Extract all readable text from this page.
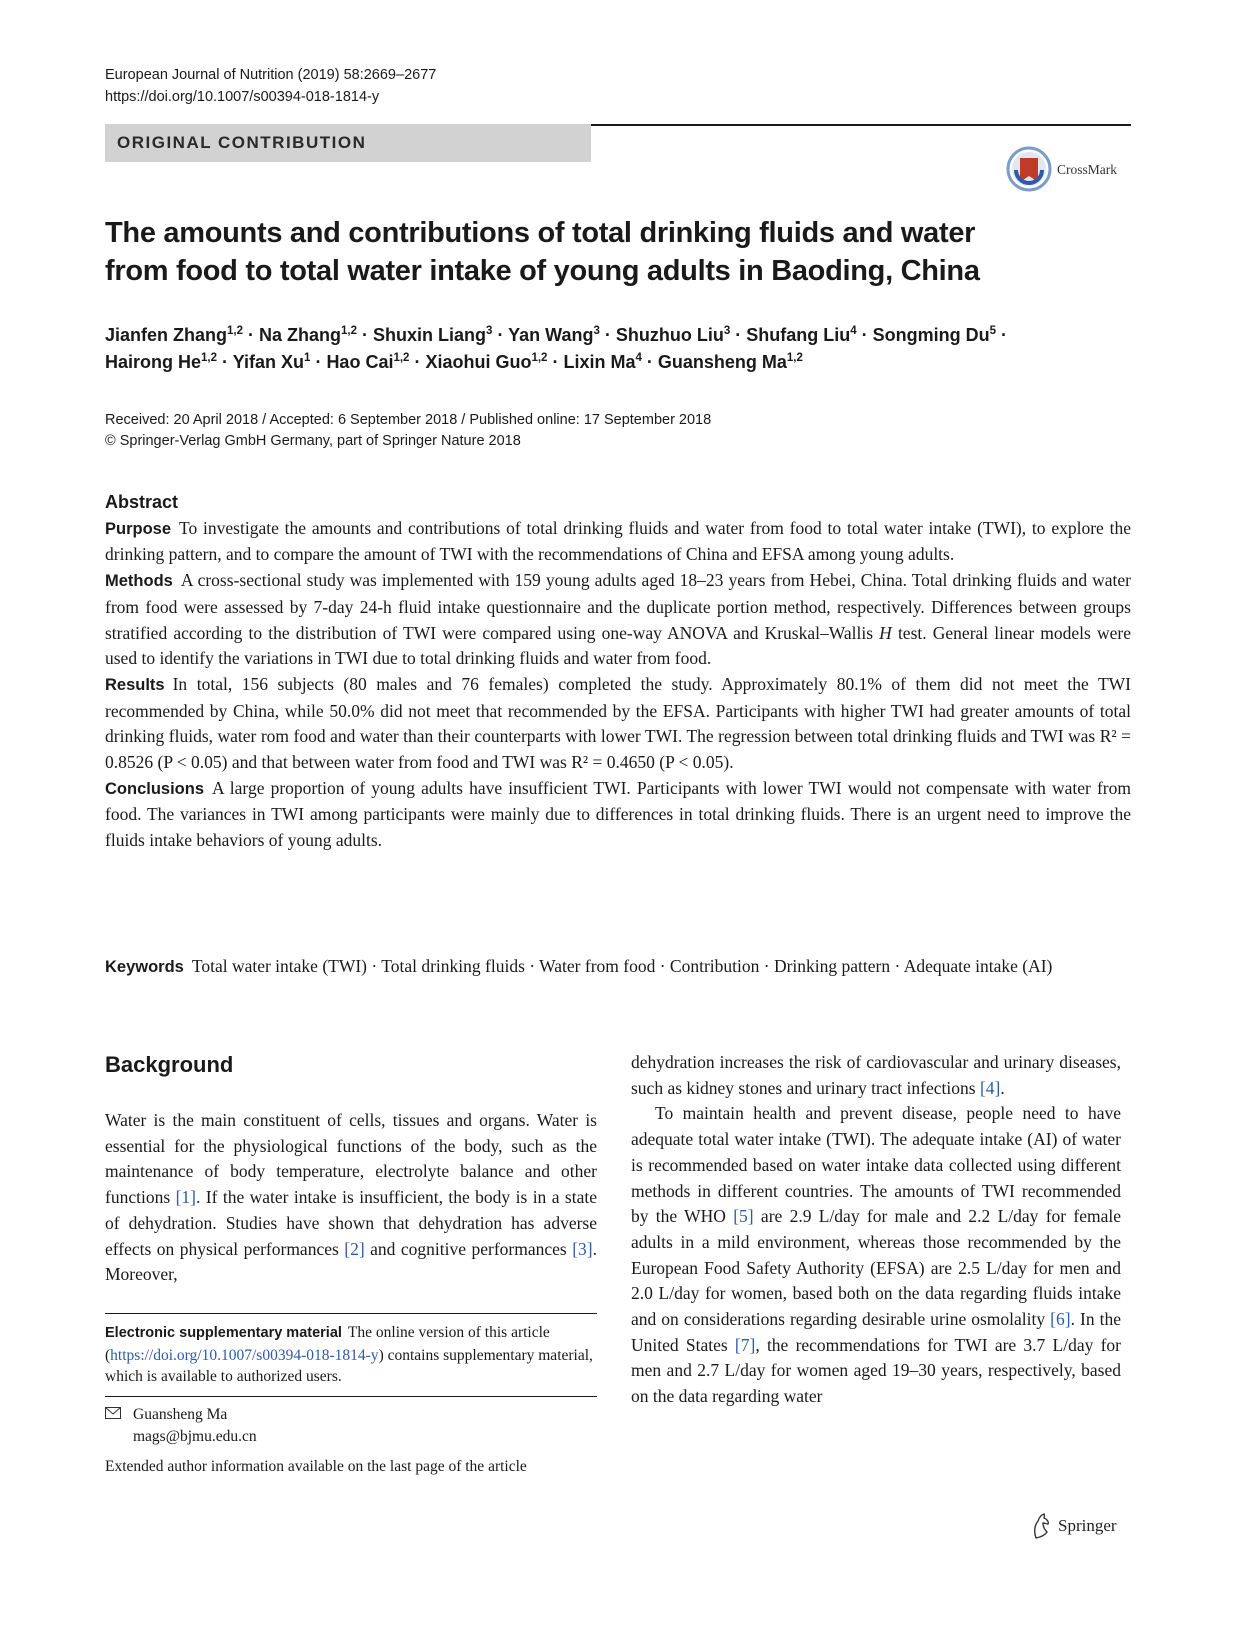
European Journal of Nutrition (2019) 58:2669–2677
https://doi.org/10.1007/s00394-018-1814-y
ORIGINAL CONTRIBUTION
CrossMark
The amounts and contributions of total drinking fluids and water
from food to total water intake of young adults in Baoding, China
Jianfen Zhang$^{1,2}$ · Na Zhang$^{1,2}$ · Shuxin Liang$^3$ · Yan Wang$^3$ · Shuzhuo Liu$^3$ · Shufang Liu$^4$ · Songming $Du^5$ ·
Hairong He$^{1,2}$ · Yifan $Xu^1$ · Hao Cai$^{1,2}$ · Xiaohui Guo$^{1,2}$ · Lixin $Ma^4$ · Guansheng Ma$^{1,2}$
Received: 20 April 2018 / Accepted: 6 September 2018 / Published online: 17 September 2018
© Springer-Verlag GmbH Germany, part of Springer Nature 2018
Abstract

Purpose To investigate the amounts and contributions of total drinking fluids and water from food to total water intake (TWI), to explore the drinking pattern, and to compare the amount of TWI with the recommendations of China and EFSA among young adults.

Methods A cross-sectional study was implemented with 159 young adults aged 18–23 years from Hebei, China. Total drinking fluids and water from food were assessed by 7-day 24-h fluid intake questionnaire and the duplicate portion method, respectively. Differences between groups stratified according to the distribution of TWI were compared using one-way ANOVA and Kruskal–Wallis H test. General linear models were used to identify the variations in TWI due to total drinking fluids and water from food.

Results In total, 156 subjects (80 males and 76 females) completed the study. Approximately 80.1% of them did not meet the TWI recommended by China, while 50.0% did not meet that recommended by the EFSA. Participants with higher TWI had greater amounts of total drinking fluids, water rom food and water than their counterparts with lower TWI. The regression between total drinking fluids and TWI was R² = 0.8526 (P < 0.05) and that between water from food and TWI was R² = 0.4650 (P < 0.05).

Conclusions A large proportion of young adults have insufficient TWI. Participants with lower TWI would not compensate with water from food. The variances in TWI among participants were mainly due to differences in total drinking fluids. There is an urgent need to improve the fluids intake behaviors of young adults.

Keywords Total water intake (TWI) · Total drinking fluids · Water from food · Contribution · Drinking pattern · Adequate intake (AI)
Background
Water is the main constituent of cells, tissues and organs. Water is essential for the physiological functions of the body, such as the maintenance of body temperature, electrolyte balance and other functions [1]. If the water intake is insufficient, the body is in a state of dehydration. Studies have shown that dehydration has adverse effects on physical performances [2] and cognitive performances [3]. Moreover,

dehydration increases the risk of cardiovascular and urinary diseases, such as kidney stones and urinary tract infections [4].

To maintain health and prevent disease, people need to have adequate total water intake (TWI). The adequate intake (AI) of water is recommended based on water intake data collected using different methods in different countries. The amounts of TWI recommended by the WHO [5] are 2.9 L/day for male and 2.2 L/day for female adults in a mild environment, whereas those recommended by the European Food Safety Authority (EFSA) are 2.5 L/day for men and 2.0 L/day for women, based both on the data regarding fluids intake and on considerations regarding desirable urine osmolality [6]. In the United States [7], the recommendations for TWI are 3.7 L/day for men and 2.7 L/day for women aged 19–30 years, respectively, based on the data regarding water

Electronic supplementary material The online version of this article (https://doi.org/10.1007/s00394-018-1814-y) contains supplementary material, which is available to authorized users.
Guansheng Ma
mags@bjmu.edu.cn
Extended author information available on the last page of the article
Springer
